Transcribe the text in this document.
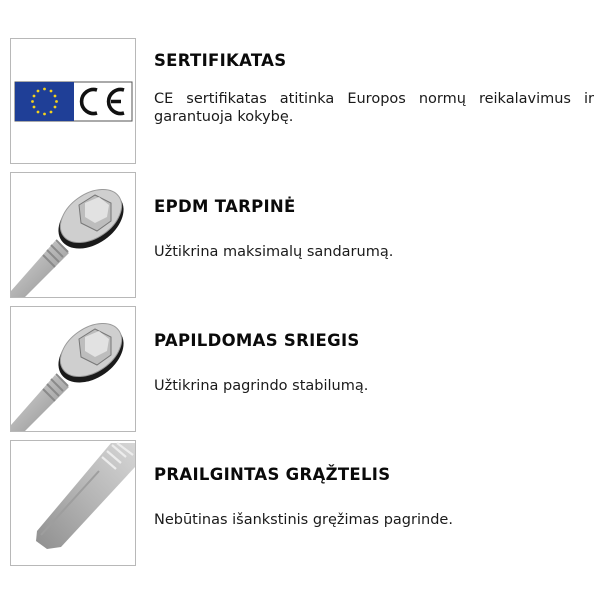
SERTIFIKATAS
CE sertifikatas atitinka Europos normų reikalavimus ir garantuoja kokybę.
EPDM TARPINĖ
Užtikrina maksimalų sandarumą.
PAPILDOMAS SRIEGIS
Užtikrina pagrindo stabilumą.
PRAILGINTAS GRĄŽTELIS
Nebūtinas išankstinis gręžimas pagrinde.
